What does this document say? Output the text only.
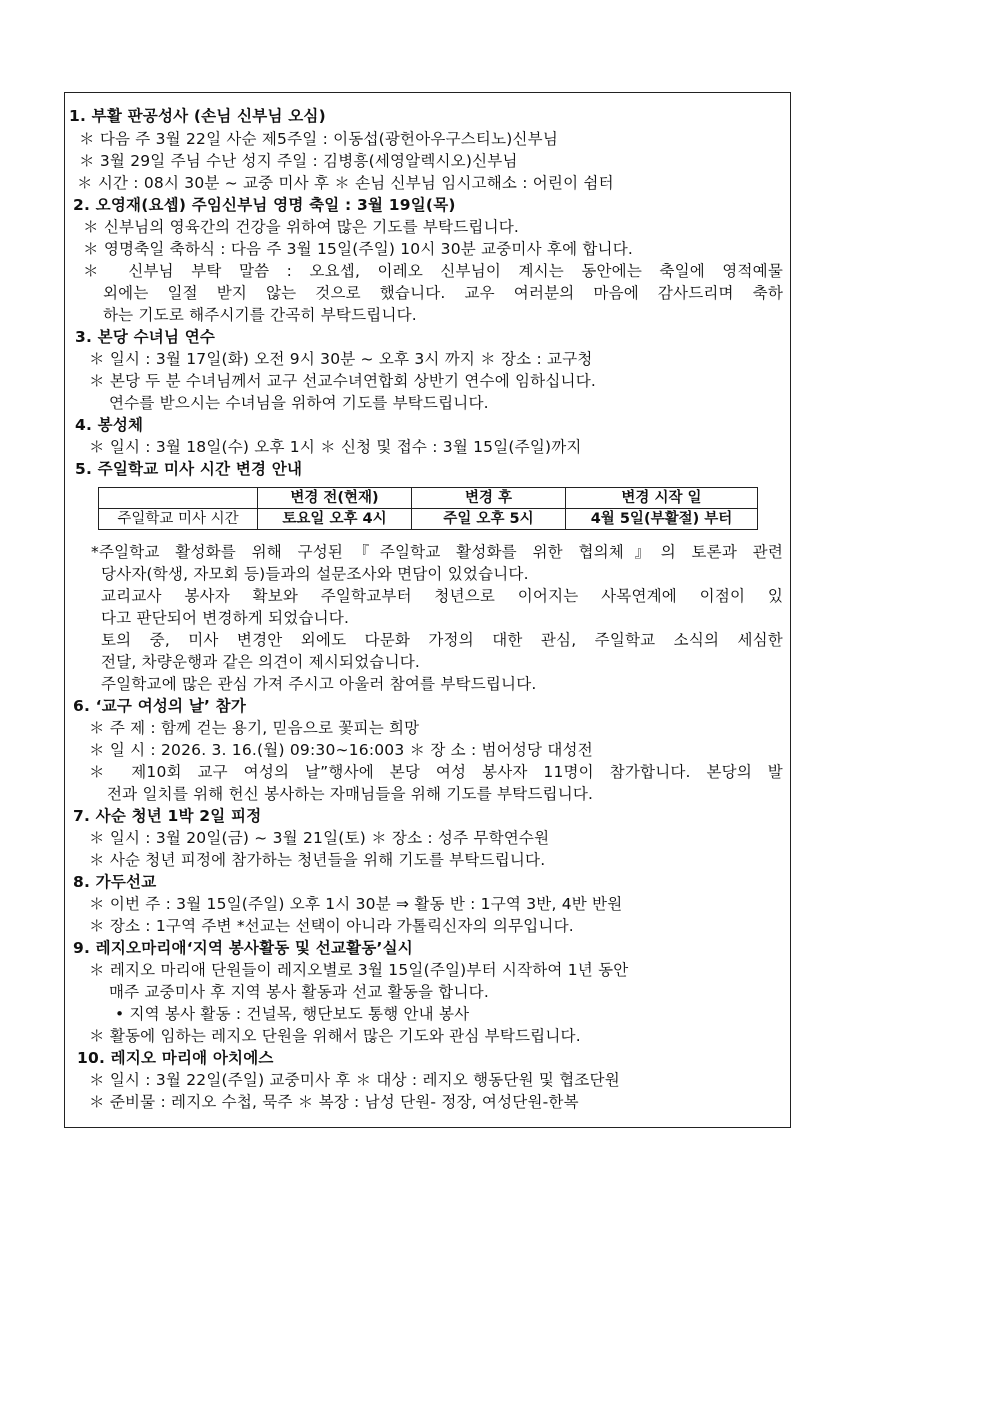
1. 부활 판공성사 (손님 신부님 오심)
＊ 다음 주 3월 22일 사순 제5주일 : 이동섭(광헌아우구스티노)신부님
＊ 3월 29일 주님 수난 성지 주일 : 김병흥(세영알렉시오)신부님
＊ 시간 : 08시 30분 ~ 교중 미사 후 ＊ 손님 신부님 임시고해소 : 어린이 쉼터
2. 오영재(요셉) 주임신부님 영명 축일 : 3월 19일(목)
＊ 신부님의 영육간의 건강을 위하여 많은 기도를 부탁드립니다.
＊ 영명축일 축하식 : 다음 주 3월 15일(주일) 10시 30분 교중미사 후에 합니다.
＊ 신부님 부탁 말씀 : 오요셉, 이레오 신부님이 계시는 동안에는 축일에 영적예물
외에는 일절 받지 않는 것으로 했습니다. 교우 여러분의 마음에 감사드리며 축하
하는 기도로 해주시기를 간곡히 부탁드립니다.
3. 본당 수녀님 연수
＊ 일시 : 3월 17일(화) 오전 9시 30분 ~ 오후 3시 까지 ＊ 장소 : 교구청
＊ 본당 두 분 수녀님께서 교구 선교수녀연합회 상반기 연수에 임하십니다.
연수를 받으시는 수녀님을 위하여 기도를 부탁드립니다.
4. 봉성체
＊ 일시 : 3월 18일(수) 오후 1시 ＊ 신청 및 접수 : 3월 15일(주일)까지
5. 주일학교 미사 시간 변경 안내
	변경 전(현재)	변경 후	변경 시작 일
주일학교 미사 시간	토요일 오후 4시	주일 오후 5시	4월 5일(부활절) 부터
*주일학교 활성화를 위해 구성된『주일학교 활성화를 위한 협의체』의 토론과 관련
당사자(학생, 자모회 등)들과의 설문조사와 면담이 있었습니다.
교리교사 봉사자 확보와 주일학교부터 청년으로 이어지는 사목연계에 이점이 있
다고 판단되어 변경하게 되었습니다.
토의 중, 미사 변경안 외에도 다문화 가정의 대한 관심, 주일학교 소식의 세심한
전달, 차량운행과 같은 의견이 제시되었습니다.
주일학교에 많은 관심 가져 주시고 아울러 참여를 부탁드립니다.
6. ‘교구 여성의 날’ 참가
＊ 주 제 : 함께 걷는 용기, 믿음으로 꽃피는 희망
＊ 일 시 : 2026. 3. 16.(월) 09:30∼16:003 ＊ 장 소 : 범어성당 대성전
＊ 제10회 교구 여성의 날”행사에 본당 여성 봉사자 11명이 참가합니다. 본당의 발
전과 일치를 위해 헌신 봉사하는 자매님들을 위해 기도를 부탁드립니다.
7. 사순 청년 1박 2일 피정
＊ 일시 : 3월 20일(금) ~ 3월 21일(토) ＊ 장소 : 성주 무학연수원
＊ 사순 청년 피정에 참가하는 청년들을 위해 기도를 부탁드립니다.
8. 가두선교
＊ 이번 주 : 3월 15일(주일) 오후 1시 30분 ⇒ 활동 반 : 1구역 3반, 4반 반원
＊ 장소 : 1구역 주변 *선교는 선택이 아니라 가톨릭신자의 의무입니다.
9. 레지오마리애‘지역 봉사활동 및 선교활동’실시
＊ 레지오 마리애 단원들이 레지오별로 3월 15일(주일)부터 시작하여 1년 동안
매주 교중미사 후 지역 봉사 활동과 선교 활동을 합니다.
• 지역 봉사 활동 : 건널목, 행단보도 통행 안내 봉사
＊ 활동에 임하는 레지오 단원을 위해서 많은 기도와 관심 부탁드립니다.
10. 레지오 마리애 아치에스
＊ 일시 : 3월 22일(주일) 교중미사 후 ＊ 대상 : 레지오 행동단원 및 협조단원
＊ 준비물 : 레지오 수첩, 묵주 ＊ 복장 : 남성 단원- 정장, 여성단원-한복
